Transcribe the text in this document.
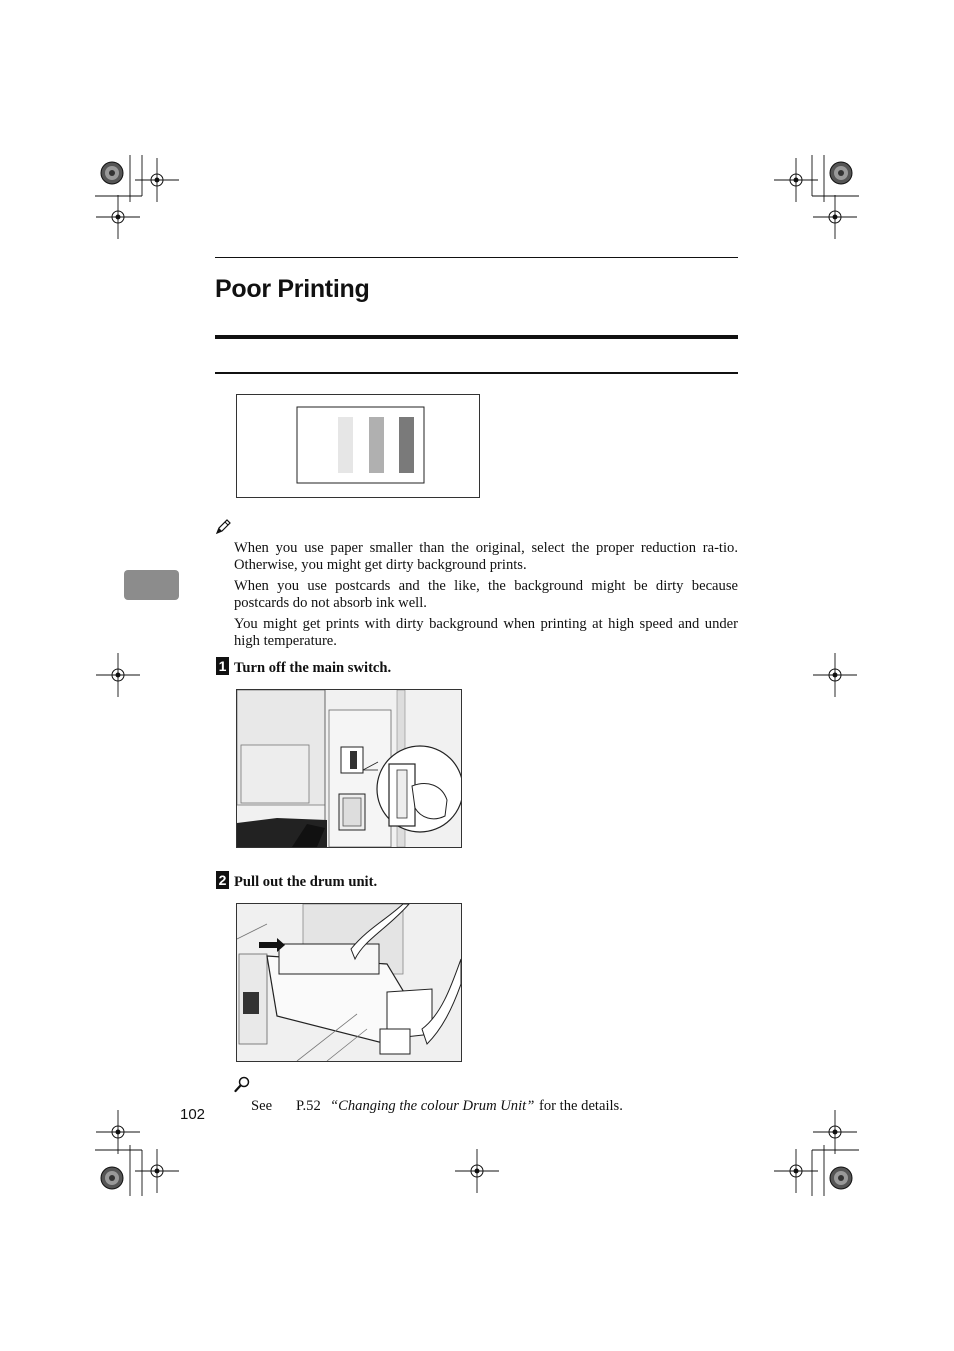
Poor Printing
When you use paper smaller than the original, select the proper reduction ra-tio. Otherwise, you might get dirty background prints.
When you use postcards and the like, the background might be dirty because postcards do not absorb ink well.
You might get prints with dirty background when printing at high speed and under high temperature.
1 Turn off the main switch.
2 Pull out the drum unit.
See P.52 “Changing the colour Drum Unit” for the details.
102
